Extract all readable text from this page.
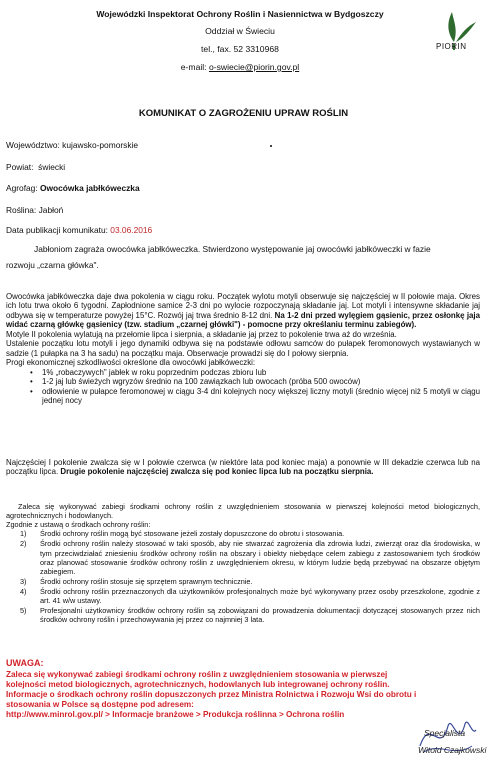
Wojewódzki Inspektorat Ochrony Roślin i Nasiennictwa w Bydgoszczy
Oddział w Świeciu
tel., fax. 52 3310968
e-mail: o-swiecie@piorin.gov.pl
PIORIN
KOMUNIKAT O ZAGROŻENIU UPRAW ROŚLIN
Województwo: kujawsko-pomorskie
Powiat: świecki
Agrofag: Owocówka jabłkóweczka
Roślina: Jabłoń
Data publikacji komunikatu: 03.06.2016
Jabłoniom zagraża owocówka jabłkóweczka. Stwierdzono występowanie jaj owocówki jabłkóweczki w fazie
rozwoju „czarna główka".
Owocówka jabłkóweczka daje dwa pokolenia w ciągu roku. Początek wylotu motyli obserwuje się najczęściej w II połowie maja. Okres ich lotu trwa około 6 tygodni. Zapłodnione samice 2-3 dni po wylocie rozpoczynają składanie jaj. Lot motyli i intensywne składanie jaj odbywa się w temperaturze powyżej 15°C. Rozwój jaj trwa średnio 8-12 dni. Na 1-2 dni przed wylęgiem gąsienic, przez osłonkę jaja widać czarną główkę gąsienicy (tzw. stadium „czarnej główki") - pomocne przy określaniu terminu zabiegów).
Motyle II pokolenia wylatują na przełomie lipca i sierpnia, a składanie jaj przez to pokolenie trwa aż do września.
Ustalenie początku lotu motyli i jego dynamiki odbywa się na podstawie odłowu samców do pułapek feromonowych wystawianych w sadzie (1 pułapka na 3 ha sadu) na początku maja. Obserwacje prowadzi się do I połowy sierpnia.
Progi ekonomicznej szkodliwości określone dla owocówki jabłkóweczki:
• 1% „robaczywych" jabłek w roku poprzednim podczas zbioru lub
• 1-2 jaj lub świeżych wgryzów średnio na 100 zawiązkach lub owocach (próba 500 owoców)
• odłowienie w pułapce feromonowej w ciągu 3-4 dni kolejnych nocy większej liczny motyli (średnio więcej niż 5 motyli w ciągu jednej nocy
Najczęściej I pokolenie zwalcza się w I połowie czerwca (w niektóre lata pod koniec maja) a ponownie w III dekadzie czerwca lub na początku lipca. Drugie pokolenie najczęściej zwalcza się pod koniec lipca lub na początku sierpnia.
Zaleca się wykonywać zabiegi środkami ochrony roślin z uwzględnieniem stosowania w pierwszej kolejności metod biologicznych, agrotechnicznych i hodowlanych.
Zgodnie z ustawą o środkach ochrony roślin:
1) Środki ochrony roślin mogą być stosowane jeżeli zostały dopuszczone do obrotu i stosowania.
2) Środki ochrony roślin należy stosować w taki sposób, aby nie stwarzać zagrożenia dla zdrowia ludzi, zwierząt oraz dla środowiska, w tym przeciwdziałać zniesieniu środków ochrony roślin na obszary i obiekty niebędące celem zabiegu z zastosowaniem tych środków oraz planować stosowanie środków ochrony roślin z uwzględnieniem okresu, w którym ludzie będą przebywać na obszarze objętym zabiegiem.
3) Środki ochrony roślin stosuje się sprzętem sprawnym technicznie.
4) Środki ochrony roślin przeznaczonych dla użytkowników profesjonalnych może być wykonywany przez osoby przeszkolone, zgodnie z art. 41 w/w ustawy.
5) Profesjonalni użytkownicy środków ochrony roślin są zobowiązani do prowadzenia dokumentacji dotyczącej stosowanych przez nich środków ochrony roślin i przechowywania jej przez co najmniej 3 lata.
UWAGA:
Zaleca się wykonywać zabiegi środkami ochrony roślin z uwzględnieniem stosowania w pierwszej kolejności metod biologicznych, agrotechnicznych, hodowlanych lub integrowanej ochrony roślin.
Informacje o środkach ochrony roślin dopuszczonych przez Ministra Rolnictwa i Rozwoju Wsi do obrotu i stosowania w Polsce są dostępne pod adresem:
http://www.minrol.gov.pl/ > Informacje branżowe > Produkcja roślinna > Ochrona roślin
Specjalista
Witold Czajkowski
